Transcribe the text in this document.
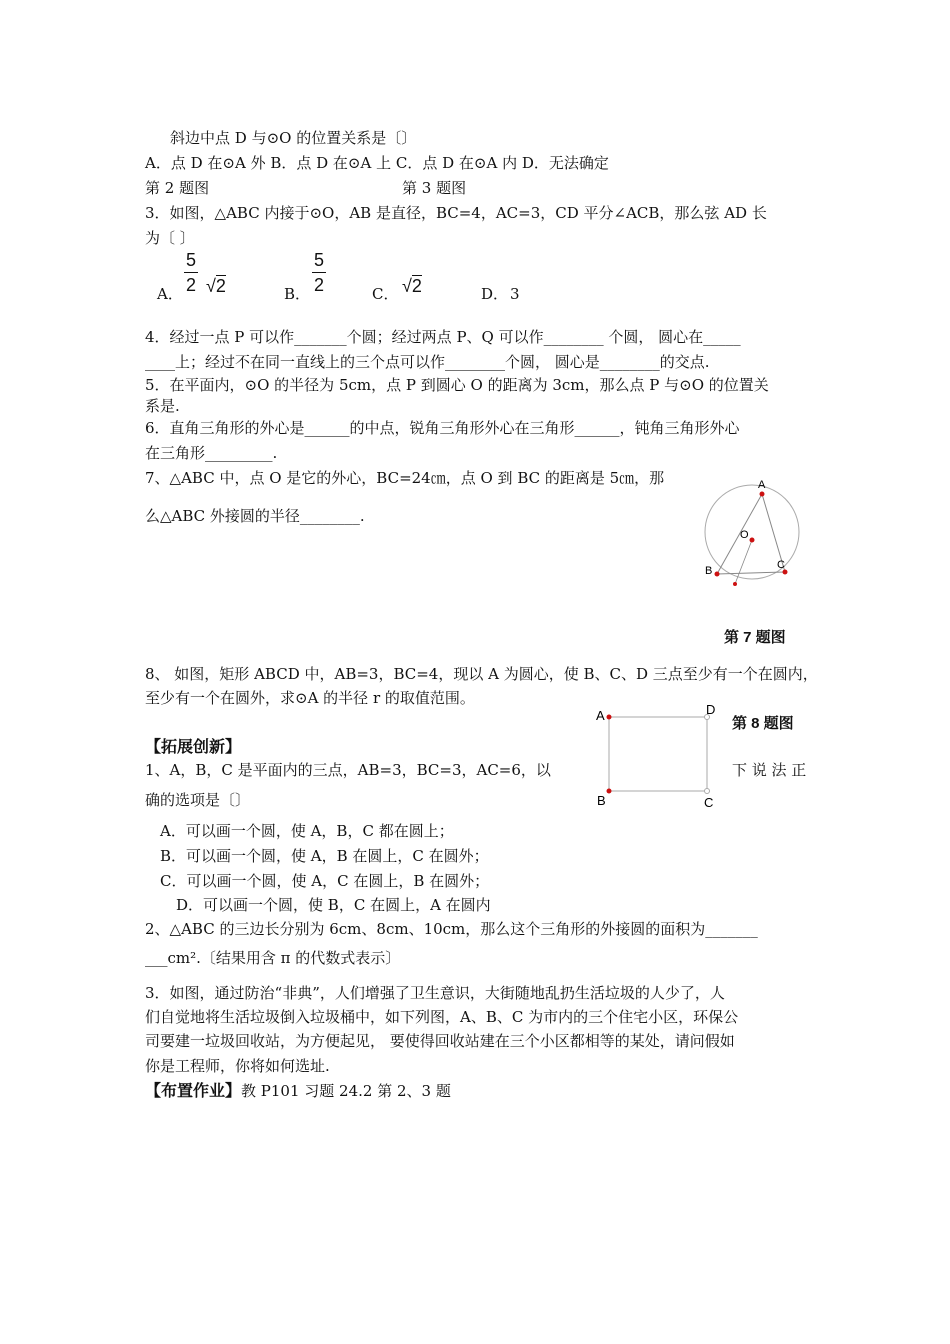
斜边中点 D 与⊙O 的位置关系是〔〕
A．点 D 在⊙A 外 B．点 D 在⊙A 上 C．点 D 在⊙A 内 D．无法确定
第 2 题图	第 3 题图
3．如图，△ABC 内接于⊙O，AB 是直径，BC=4，AC=3，CD 平分∠ACB，那么弦 AD 长
为〔 〕
A．
5
2 √2	B．
5
2	C． √2	D． 3
4．经过一点 P 可以作_______个圆；经过两点 P、Q 可以作________ 个圆， 圆心在_____
____上；经过不在同一直线上的三个点可以作________个圆， 圆心是________的交点.
5．在平面内，⊙O 的半径为 5cm，点 P 到圆心 O 的距离为 3cm，那么点 P 与⊙O 的位置关
系是.
6．直角三角形的外心是______的中点，锐角三角形外心在三角形______，钝角三角形外心
在三角形_________.
7、△ABC 中，点 O 是它的外心，BC=24㎝，点 O 到 BC 的距离是 5㎝，那
么△ABC 外接圆的半径________.
A
O
B	C
第 7 题图
8、 如图，矩形 ABCD 中，AB=3，BC=4，现以 A 为圆心，使 B、C、D 三点至少有一个在圆内，
至少有一个在圆外，求⊙A 的半径 r 的取值范围。
A	D
B	C
第 8 题图
【拓展创新】
1、A，B，C 是平面内的三点，AB=3，BC=3，AC=6，以	下 说 法 正
确的选项是〔〕
A．可以画一个圆，使 A，B，C 都在圆上；
B．可以画一个圆，使 A，B 在圆上，C 在圆外；
C．可以画一个圆，使 A，C 在圆上，B 在圆外；
D．可以画一个圆，使 B，C 在圆上，A 在圆内
2、△ABC 的三边长分别为 6cm、8cm、10cm，那么这个三角形的外接圆的面积为_______
___cm².〔结果用含 π 的代数式表示〕
3．如图，通过防治“非典”，人们增强了卫生意识，大街随地乱扔生活垃圾的人少了，人
们自觉地将生活垃圾倒入垃圾桶中，如下列图，A、B、C 为市内的三个住宅小区，环保公
司要建一垃圾回收站，为方便起见， 要使得回收站建在三个小区都相等的某处，请问假如
你是工程师，你将如何选址.
【布置作业】教 P101 习题 24.2 第 2、3 题
